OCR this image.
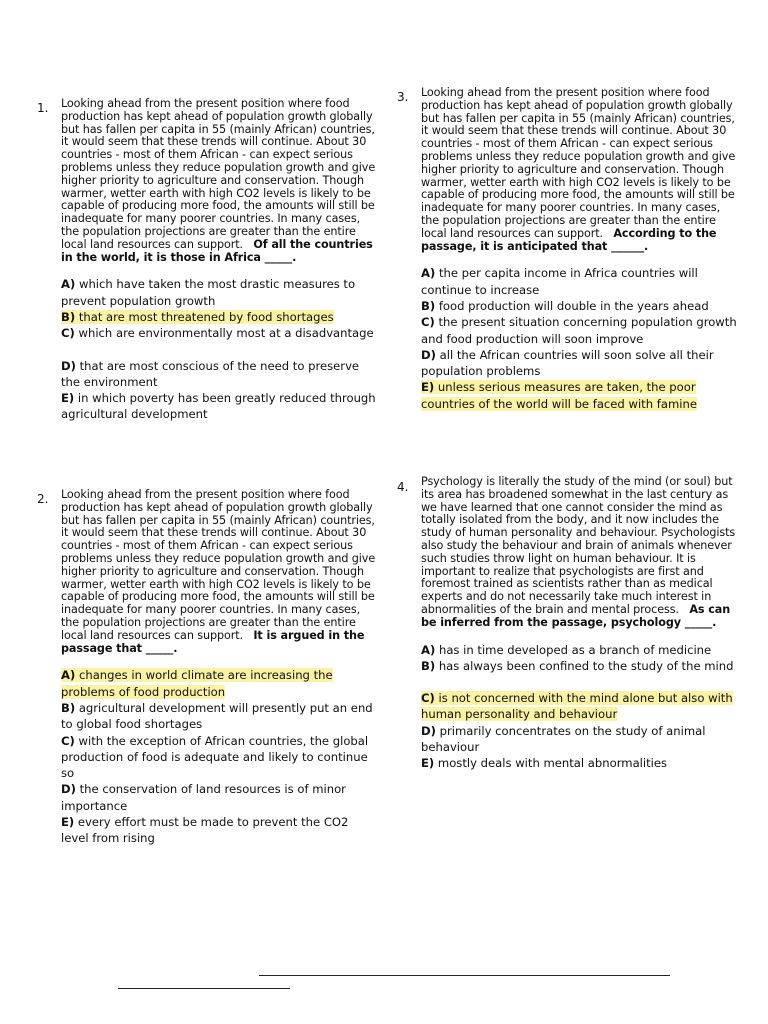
1. Looking ahead from the present position where food production has kept ahead of population growth globally but has fallen per capita in 55 (mainly African) countries, it would seem that these trends will continue. About 30 countries - most of them African - can expect serious problems unless they reduce population growth and give higher priority to agriculture and conservation. Though warmer, wetter earth with high CO2 levels is likely to be capable of producing more food, the amounts will still be inadequate for many poorer countries. In many cases, the population projections are greater than the entire local land resources can support. Of all the countries in the world, it is those in Africa _____.

A) which have taken the most drastic measures to prevent population growth
B) that are most threatened by food shortages
C) which are environmentally most at a disadvantage
D) that are most conscious of the need to preserve the environment
E) in which poverty has been greatly reduced through agricultural development
2. Looking ahead from the present position where food production has kept ahead of population growth globally but has fallen per capita in 55 (mainly African) countries, it would seem that these trends will continue. About 30 countries - most of them African - can expect serious problems unless they reduce population growth and give higher priority to agriculture and conservation. Though warmer, wetter earth with high CO2 levels is likely to be capable of producing more food, the amounts will still be inadequate for many poorer countries. In many cases, the population projections are greater than the entire local land resources can support. It is argued in the passage that _____.

A) changes in world climate are increasing the problems of food production
B) agricultural development will presently put an end to global food shortages
C) with the exception of African countries, the global production of food is adequate and likely to continue so
D) the conservation of land resources is of minor importance
E) every effort must be made to prevent the CO2 level from rising
3. Looking ahead from the present position where food production has kept ahead of population growth globally but has fallen per capita in 55 (mainly African) countries, it would seem that these trends will continue. About 30 countries - most of them African - can expect serious problems unless they reduce population growth and give higher priority to agriculture and conservation. Though warmer, wetter earth with high CO2 levels is likely to be capable of producing more food, the amounts will still be inadequate for many poorer countries. In many cases, the population projections are greater than the entire local land resources can support. According to the passage, it is anticipated that ______.

A) the per capita income in Africa countries will continue to increase
B) food production will double in the years ahead
C) the present situation concerning population growth and food production will soon improve
D) all the African countries will soon solve all their population problems
E) unless serious measures are taken, the poor countries of the world will be faced with famine
4. Psychology is literally the study of the mind (or soul) but its area has broadened somewhat in the last century as we have learned that one cannot consider the mind as totally isolated from the body, and it now includes the study of human personality and behaviour. Psychologists also study the behaviour and brain of animals whenever such studies throw light on human behaviour. It is important to realize that psychologists are first and foremost trained as scientists rather than as medical experts and do not necessarily take much interest in abnormalities of the brain and mental process. As can be inferred from the passage, psychology _____.

A) has in time developed as a branch of medicine
B) has always been confined to the study of the mind
C) is not concerned with the mind alone but also with human personality and behaviour
D) primarily concentrates on the study of animal behaviour
E) mostly deals with mental abnormalities
